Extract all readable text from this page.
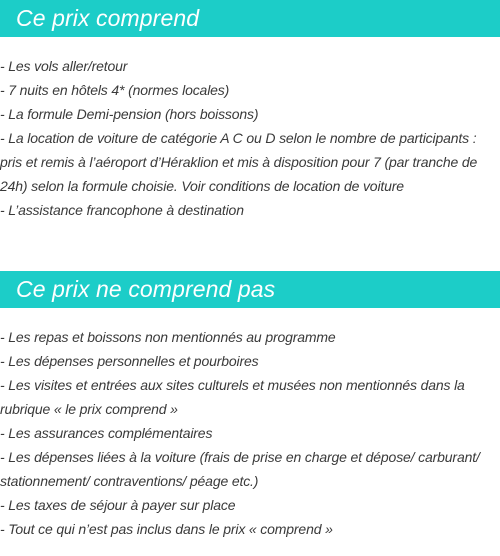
Ce prix comprend
- Les vols aller/retour
- 7 nuits en hôtels 4* (normes locales)
- La formule Demi-pension (hors boissons)
- La location de voiture de catégorie A C ou D selon le nombre de participants : pris et remis à l’aéroport d’Héraklion et mis à disposition pour 7 (par tranche de 24h) selon la formule choisie. Voir conditions de location de voiture
- L’assistance francophone à destination
Ce prix ne comprend pas
- Les repas et boissons non mentionnés au programme
- Les dépenses personnelles et pourboires
- Les visites et entrées aux sites culturels et musées non mentionnés dans la rubrique « le prix comprend »
- Les assurances complémentaires
- Les dépenses liées à la voiture (frais de prise en charge et dépose/ carburant/ stationnement/ contraventions/ péage etc.)
- Les taxes de séjour à payer sur place
- Tout ce qui n’est pas inclus dans le prix « comprend »
